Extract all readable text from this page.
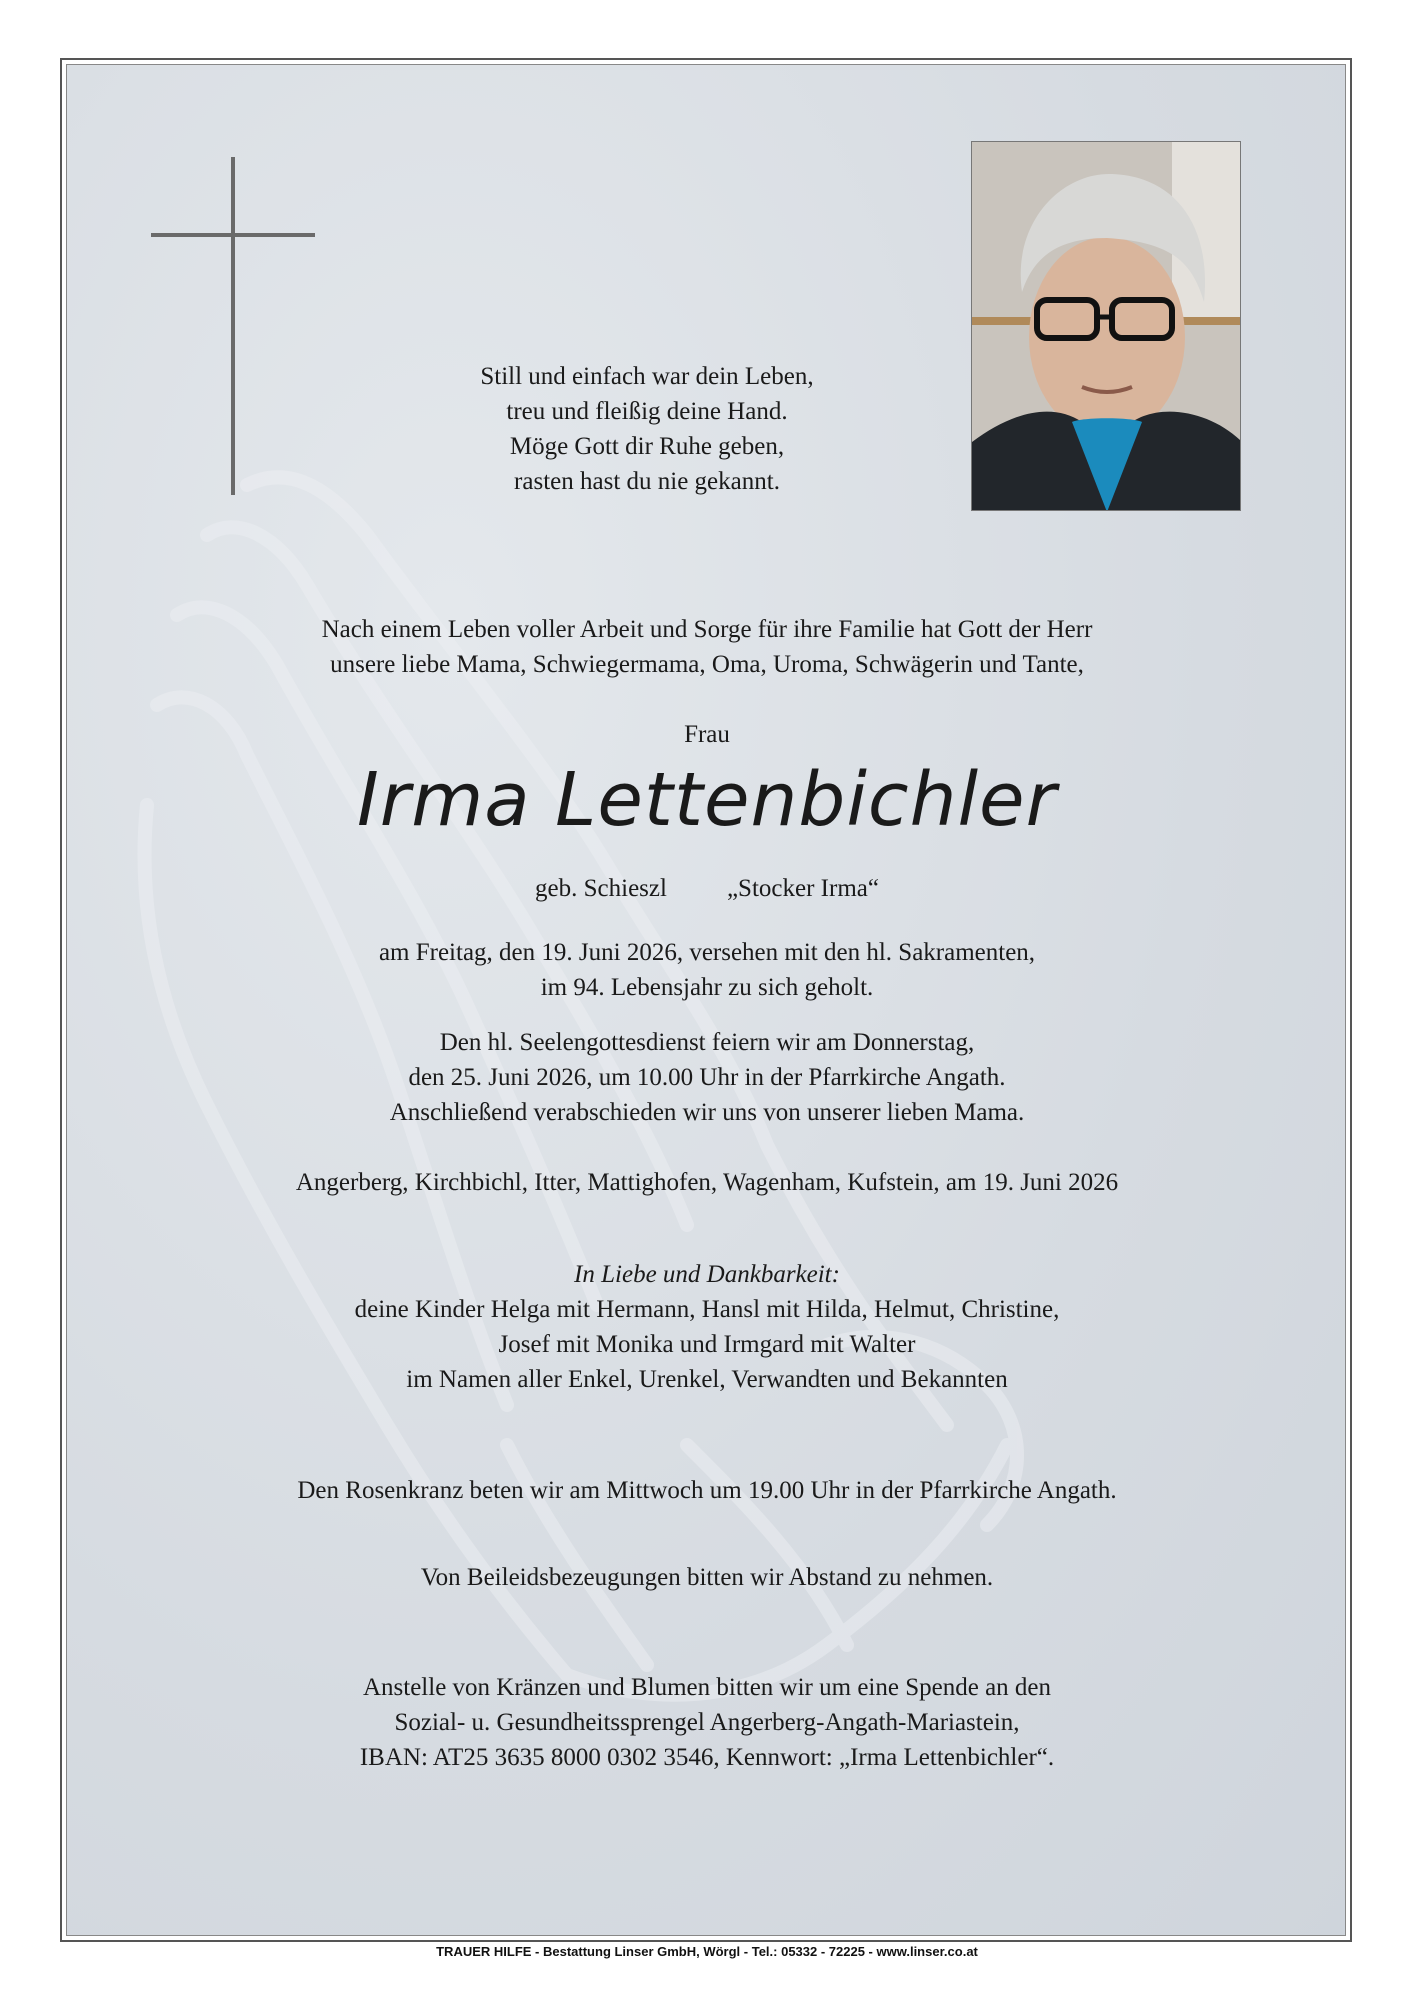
Still und einfach war dein Leben,
treu und fleißig deine Hand.
Möge Gott dir Ruhe geben,
rasten hast du nie gekannt.
Nach einem Leben voller Arbeit und Sorge für ihre Familie hat Gott der Herr
unsere liebe Mama, Schwiegermama, Oma, Uroma, Schwägerin und Tante,
Frau
Irma Lettenbichler
geb. Schieszl „Stocker Irma“
am Freitag, den 19. Juni 2026, versehen mit den hl. Sakramenten,
im 94. Lebensjahr zu sich geholt.
Den hl. Seelengottesdienst feiern wir am Donnerstag,
den 25. Juni 2026, um 10.00 Uhr in der Pfarrkirche Angath.
Anschließend verabschieden wir uns von unserer lieben Mama.
Angerberg, Kirchbichl, Itter, Mattighofen, Wagenham, Kufstein, am 19. Juni 2026
In Liebe und Dankbarkeit:
deine Kinder Helga mit Hermann, Hansl mit Hilda, Helmut, Christine,
Josef mit Monika und Irmgard mit Walter
im Namen aller Enkel, Urenkel, Verwandten und Bekannten
Den Rosenkranz beten wir am Mittwoch um 19.00 Uhr in der Pfarrkirche Angath.
Von Beileidsbezeugungen bitten wir Abstand zu nehmen.
Anstelle von Kränzen und Blumen bitten wir um eine Spende an den
Sozial- u. Gesundheitssprengel Angerberg-Angath-Mariastein,
IBAN: AT25 3635 8000 0302 3546, Kennwort: „Irma Lettenbichler“.
TRAUER HILFE - Bestattung Linser GmbH, Wörgl - Tel.: 05332 - 72225 - www.linser.co.at
